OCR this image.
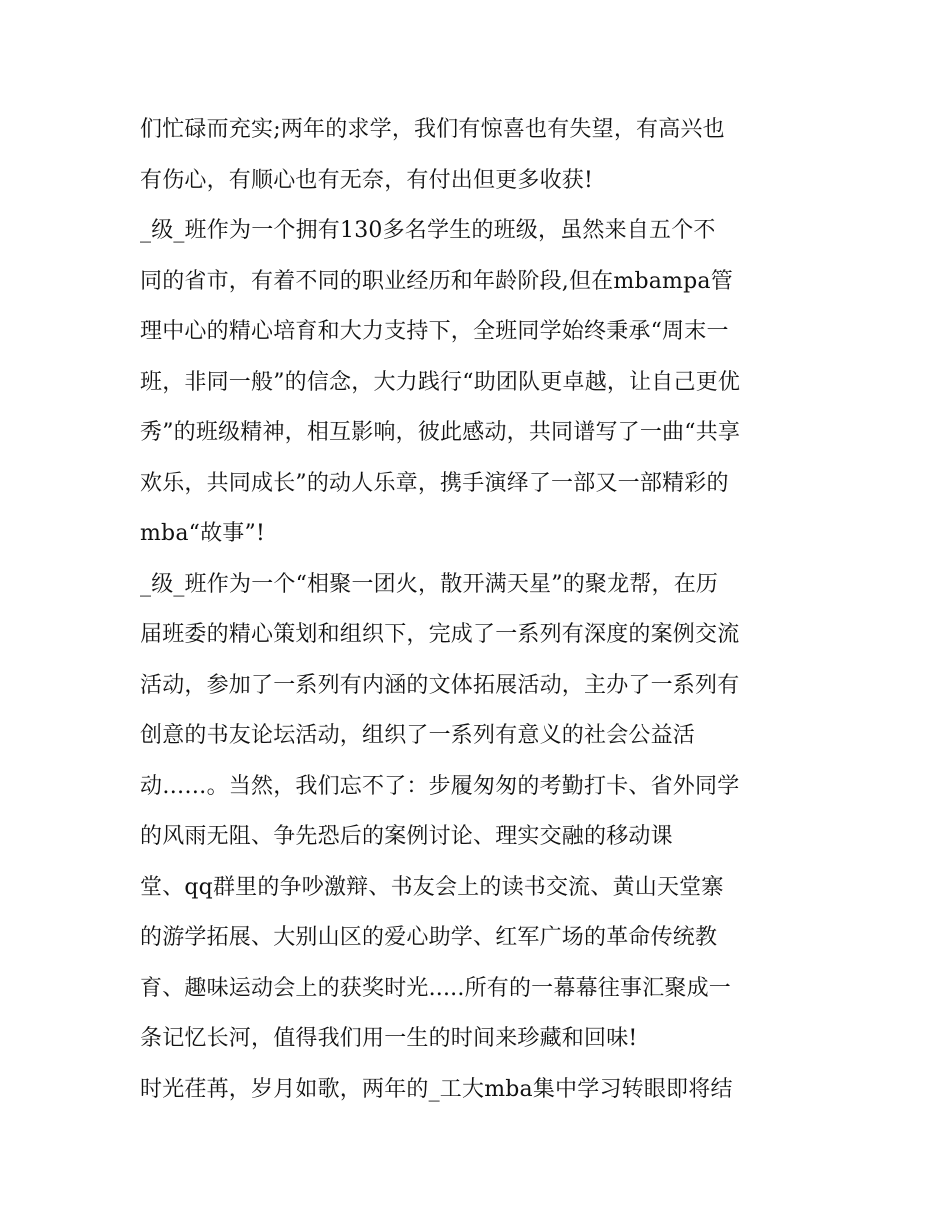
们忙碌而充实;两年的求学，我们有惊喜也有失望，有高兴也
有伤心，有顺心也有无奈，有付出但更多收获!
_级_班作为一个拥有130多名学生的班级，虽然来自五个不
同的省市，有着不同的职业经历和年龄阶段,但在mbampa管
理中心的精心培育和大力支持下，全班同学始终秉承“周末一
班，非同一般”的信念，大力践行“助团队更卓越，让自己更优
秀”的班级精神，相互影响，彼此感动，共同谱写了一曲“共享
欢乐，共同成长”的动人乐章，携手演绎了一部又一部精彩的
mba“故事”!
_级_班作为一个“相聚一团火，散开满天星”的聚龙帮，在历
届班委的精心策划和组织下，完成了一系列有深度的案例交流
活动，参加了一系列有内涵的文体拓展活动，主办了一系列有
创意的书友论坛活动，组织了一系列有意义的社会公益活
动……。当然，我们忘不了：步履匆匆的考勤打卡、省外同学
的风雨无阻、争先恐后的案例讨论、理实交融的移动课
堂、qq群里的争吵激辩、书友会上的读书交流、黄山天堂寨
的游学拓展、大别山区的爱心助学、红军广场的革命传统教
育、趣味运动会上的获奖时光.....所有的一幕幕往事汇聚成一
条记忆长河，值得我们用一生的时间来珍藏和回味!
时光荏苒，岁月如歌，两年的_工大mba集中学习转眼即将结
